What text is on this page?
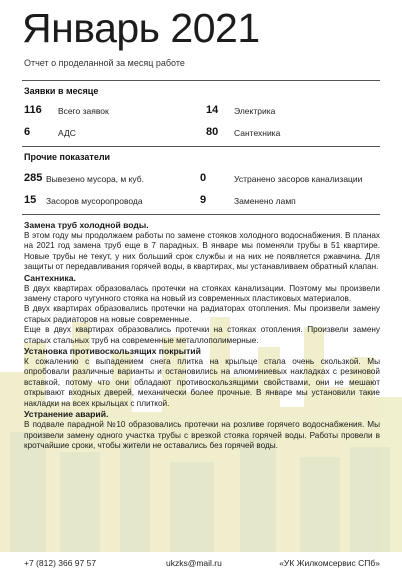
Январь 2021
Отчет о проделанной за месяц работе
Заявки в месяце
116 Всего заявок	14 Электрика
6	АДС	80 Сантехника
Прочие показатели
285 Вывезено мусора, м куб.	0	Устранено засоров канализации
15 Засоров мусоропровода	9	Заменено ламп
Замена труб холодной воды.

В этом году мы продолжаем работы по замене стояков холодного водоснабжения. В планах на 2021 год замена труб еще в 7 парадных. В январе мы поменяли трубы в 51 квартире. Новые трубы не текут, у них больший срок службы и на них не появляется ржавчина. Для защиты от передавливания горячей воды, в квартирах, мы устанавливаем обратный клапан.

Сантехника.

В двух квартирах образовалась протечки на стояках канализации. Поэтому мы произвели замену старого чугунного стояка на новый из современных пластиковых материалов.

В двух квартирах образовались протечки на радиаторах отопления. Мы произвели замену старых радиаторов на новые современные.

Еще в двух квартирах образовались протечки на стояках отопления. Произвели замену старых стальных труб на современные металлополимерные.

Установка противоскользящих покрытий

К сожалению с выпадением снега плитка на крыльце стала очень скользкой. Мы опробовали различные варианты и остановились на алюминиевых накладках с резиновой вставкой, потому что они обладают противоскользящими свойствами, они не мешают открывают входных дверей, механически более прочные. В январе мы установили такие накладки на всех крыльцах с плиткой.

Устранение аварий.

В подвале парадной №10 образовались протечки на розливе горячего водоснабжения. Мы произвели замену одного участка трубы с врезкой стояка горячей воды. Работы провели в кротчайшие сроки, чтобы жители не оставались без горячей воды.

+7 (812) 366 97 57	ukzks@mail.ru	«УК Жилкомсервис СПб»
